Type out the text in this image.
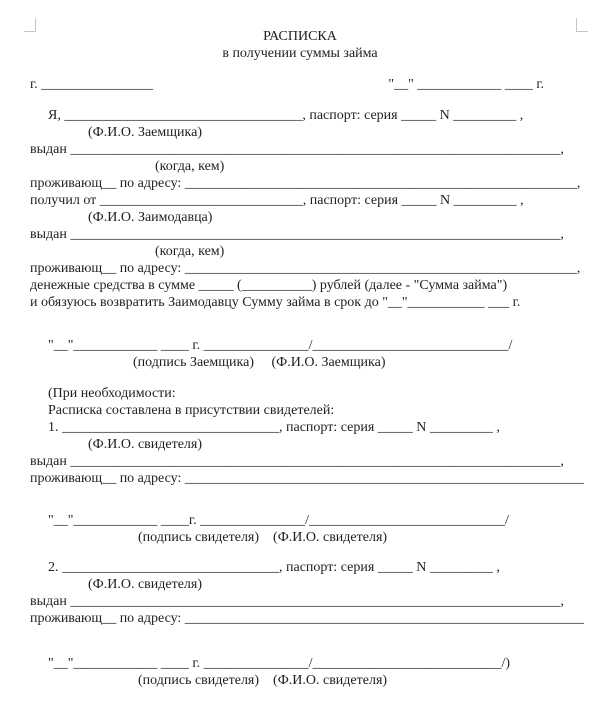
РАСПИСКА
в получении суммы займа
г. ________________	"__" ____________ ____ г.
Я, __________________________________, паспорт: серия _____ N _________ ,
(Ф.И.О. Заемщика)
выдан ______________________________________________________________________,
(когда, кем)
проживающ__ по адресу: ________________________________________________________,
получил от _____________________________, паспорт: серия _____ N _________ ,
(Ф.И.О. Заимодавца)
выдан ______________________________________________________________________,
(когда, кем)
проживающ__ по адресу: ________________________________________________________,
денежные средства в сумме _____ (__________) рублей (далее - "Сумма займа")
и обязуюсь возвратить Заимодавцу Сумму займа в срок до "__"___________ ___ г.
"__"____________ ____ г. _______________/____________________________/
(подпись Заемщика)     (Ф.И.О. Заемщика)
(При необходимости:
Расписка составлена в присутствии свидетелей:
1. _______________________________, паспорт: серия _____ N _________ ,
(Ф.И.О. свидетеля)
выдан ______________________________________________________________________,
проживающ__ по адресу: _________________________________________________________
"__"____________ ____г. _______________/____________________________/
(подпись свидетеля)    (Ф.И.О. свидетеля)
2. _______________________________, паспорт: серия _____ N _________ ,
(Ф.И.О. свидетеля)
выдан ______________________________________________________________________,
проживающ__ по адресу: _________________________________________________________
"__"____________ ____ г. _______________/___________________________/)
(подпись свидетеля)    (Ф.И.О. свидетеля)
